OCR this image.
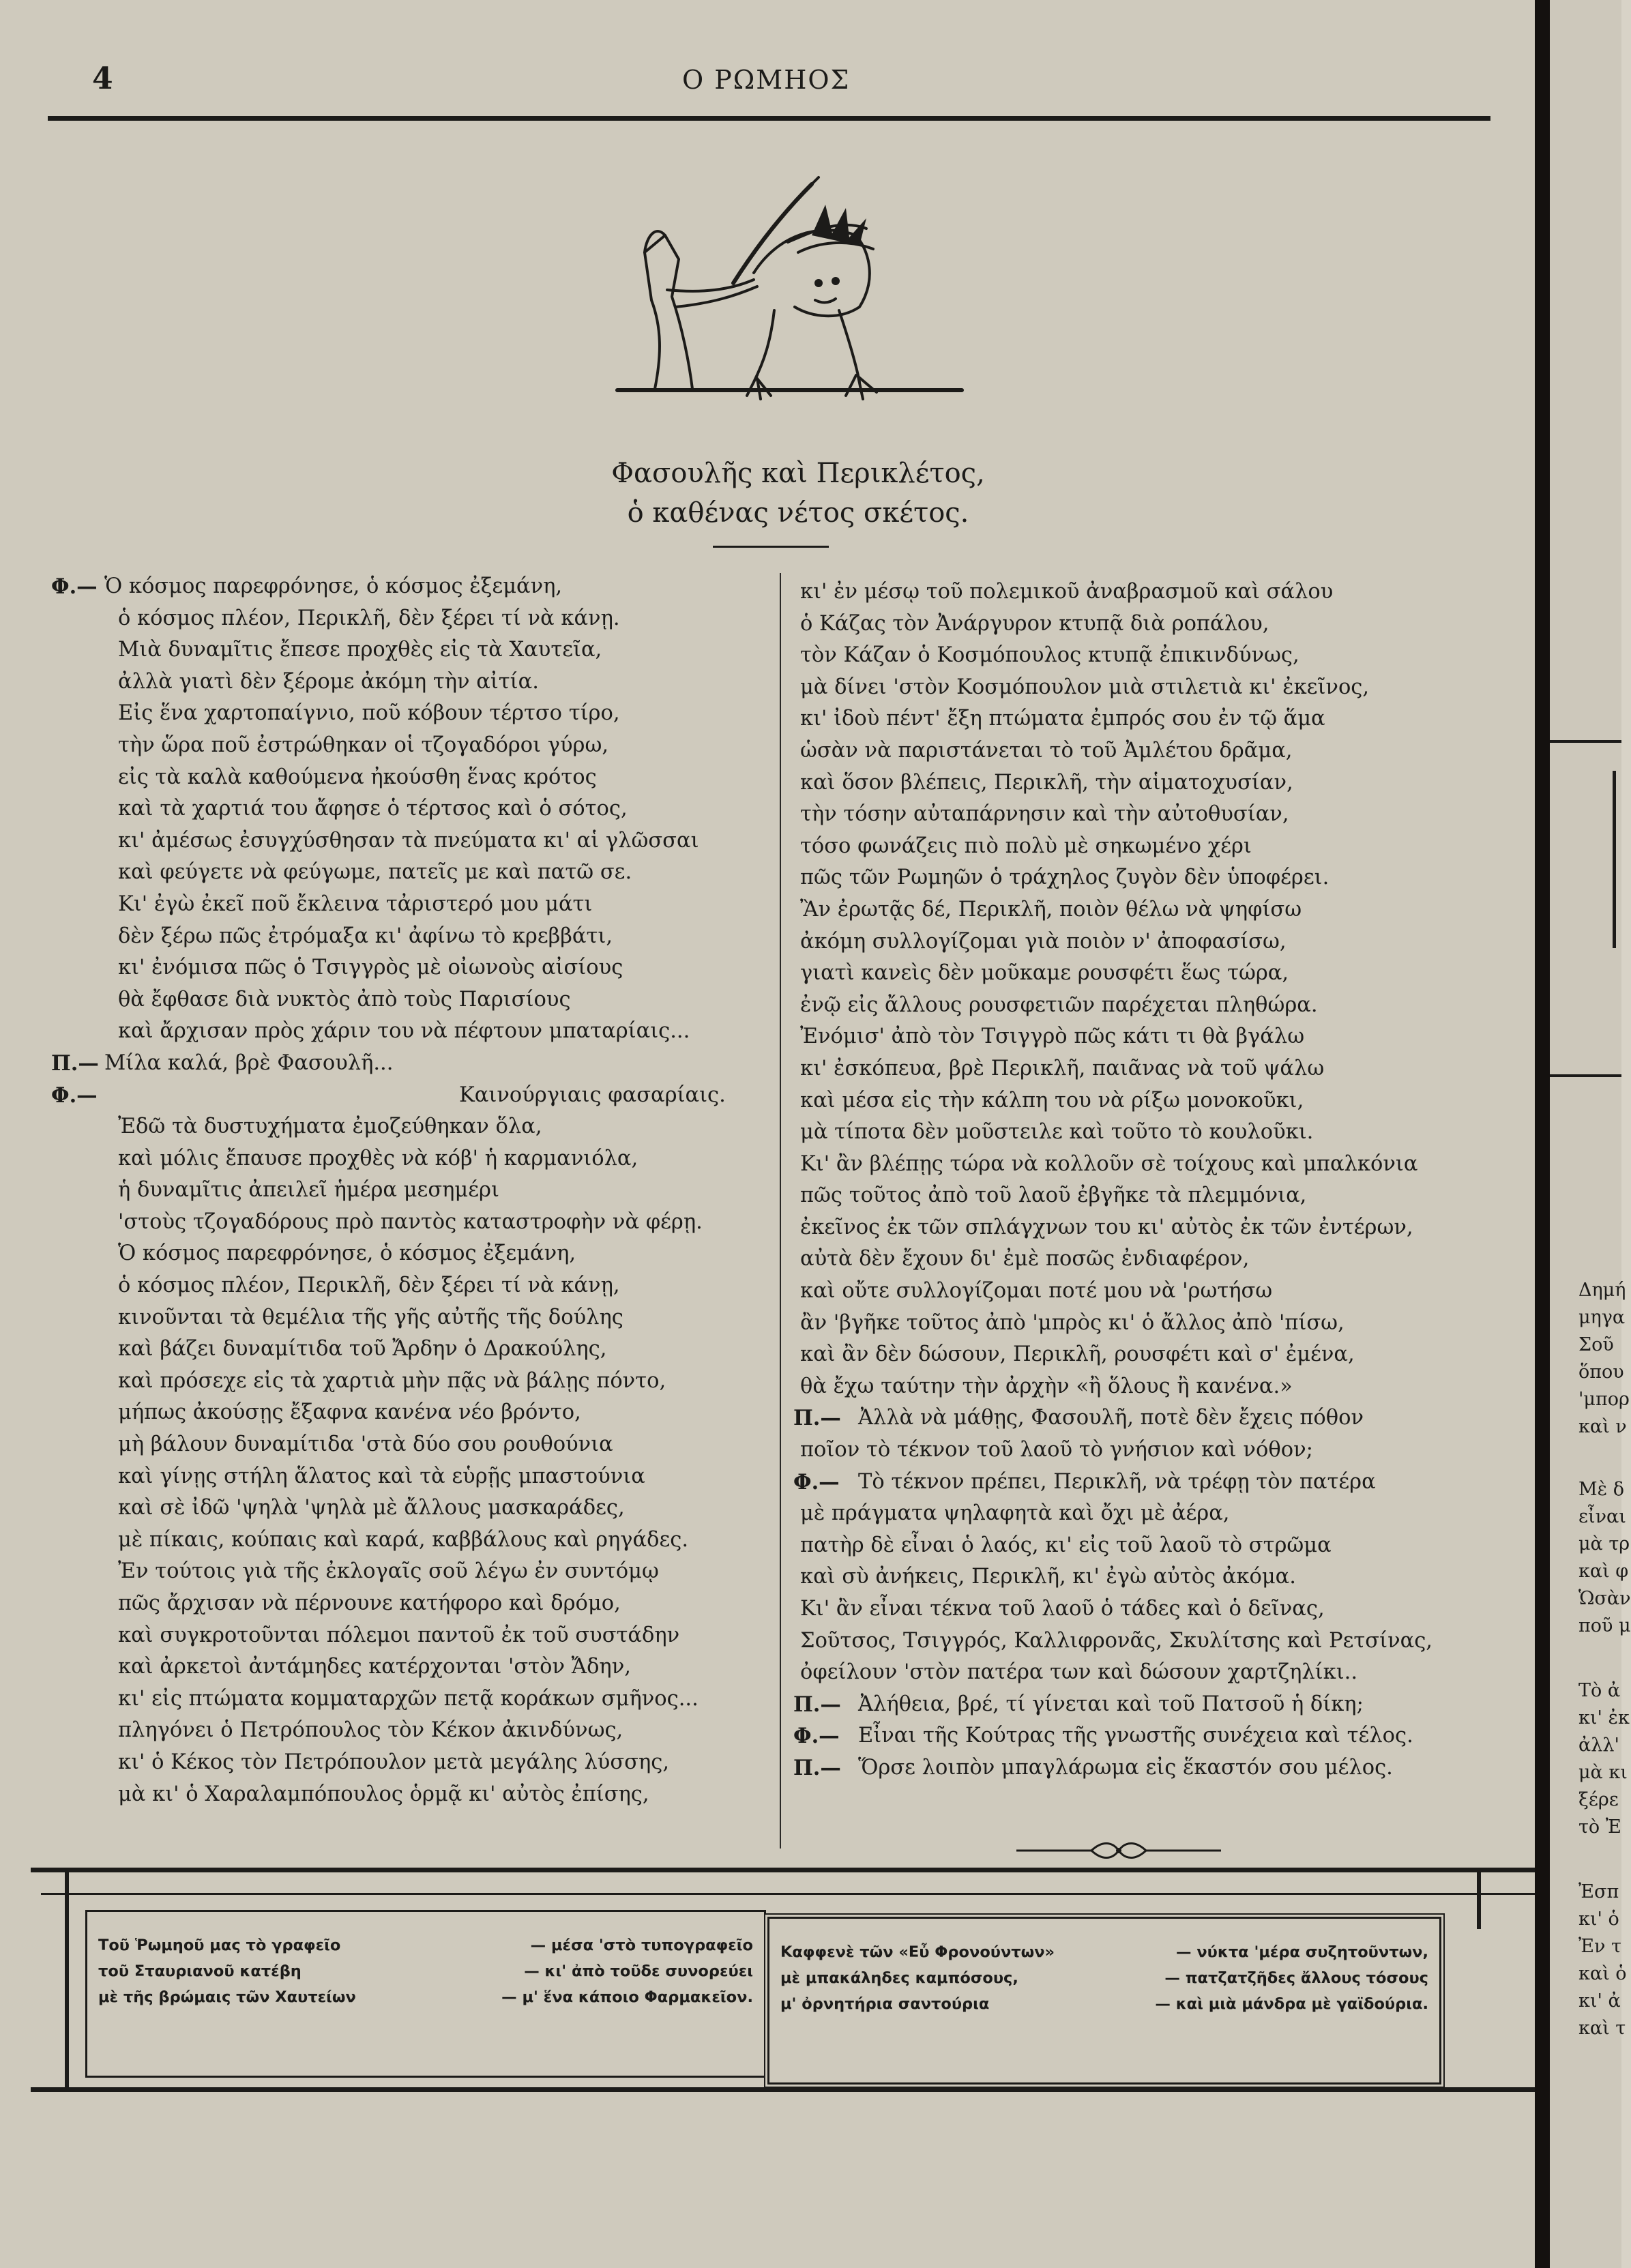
4	Ο ΡΩΜΗΟΣ
Φασουλῆς καὶ Περικλέτος,
ὁ καθένας νέτος σκέτος.
Φ.— Ὁ κόσμος παρεφρόνησε, ὁ κόσμος ἐξεμάνη,
ὁ κόσμος πλέον, Περικλῆ, δὲν ξέρει τί νὰ κάνῃ.
Μιὰ δυναμῖτις ἔπεσε προχθὲς εἰς τὰ Χαυτεῖα,
ἀλλὰ γιατὶ δὲν ξέρομε ἀκόμη τὴν αἰτία.
Εἰς ἕνα χαρτοπαίγνιο, ποῦ κόβουν τέρτσο τίρο,
τὴν ὥρα ποῦ ἐστρώθηκαν οἱ τζογαδόροι γύρω,
εἰς τὰ καλὰ καθούμενα ἠκούσθη ἕνας κρότος
καὶ τὰ χαρτιά του ἄφησε ὁ τέρτσος καὶ ὁ σότος,
κι' ἀμέσως ἐσυγχύσθησαν τὰ πνεύματα κι' αἱ γλῶσσαι
καὶ φεύγετε νὰ φεύγωμε, πατεῖς με καὶ πατῶ σε.
Κι' ἐγὼ ἐκεῖ ποῦ ἔκλεινα τἀριστερό μου μάτι
δὲν ξέρω πῶς ἐτρόμαξα κι' ἀφίνω τὸ κρεββάτι,
κι' ἐνόμισα πῶς ὁ Τσιγγρὸς μὲ οἰωνοὺς αἰσίους
θὰ ἔφθασε διὰ νυκτὸς ἀπὸ τοὺς Παρισίους
καὶ ἄρχισαν πρὸς χάριν του νὰ πέφτουν μπαταρίαις...
Π.— Μίλα καλά, βρὲ Φασουλῆ...
Φ.—	Καινούργιαις φασαρίαις.
Ἐδῶ τὰ δυστυχήματα ἐμοζεύθηκαν ὅλα,
καὶ μόλις ἔπαυσε προχθὲς νὰ κόβ' ἡ καρμανιόλα,
ἡ δυναμῖτις ἀπειλεῖ ἡμέρα μεσημέρι
'στοὺς τζογαδόρους πρὸ παντὸς καταστροφὴν νὰ φέρῃ.
Ὁ κόσμος παρεφρόνησε, ὁ κόσμος ἐξεμάνη,
ὁ κόσμος πλέον, Περικλῆ, δὲν ξέρει τί νὰ κάνῃ,
κινοῦνται τὰ θεμέλια τῆς γῆς αὐτῆς τῆς δούλης
καὶ βάζει δυναμίτιδα τοῦ Ἄρδην ὁ Δρακούλης,
καὶ πρόσεχε εἰς τὰ χαρτιὰ μὴν πᾷς νὰ βάλῃς πόντο,
μήπως ἀκούσῃς ἔξαφνα κανένα νέο βρόντο,
μὴ βάλουν δυναμίτιδα 'στὰ δύο σου ρουθούνια
καὶ γίνῃς στήλη ἅλατος καὶ τὰ εὑρῇς μπαστούνια
καὶ σὲ ἰδῶ 'ψηλὰ 'ψηλὰ μὲ ἄλλους μασκαράδες,
μὲ πίκαις, κούπαις καὶ καρά, καββάλους καὶ ρηγάδες.
Ἐν τούτοις γιὰ τῆς ἐκλογαῖς σοῦ λέγω ἐν συντόμῳ
πῶς ἄρχισαν νὰ πέρνουνε κατήφορο καὶ δρόμο,
καὶ συγκροτοῦνται πόλεμοι παντοῦ ἐκ τοῦ συστάδην
καὶ ἀρκετοὶ ἀντάμηδες κατέρχονται 'στὸν Ἄδην,
κι' εἰς πτώματα κομματαρχῶν πετᾷ κοράκων σμῆνος...
πληγόνει ὁ Πετρόπουλος τὸν Κέκον ἀκινδύνως,
κι' ὁ Κέκος τὸν Πετρόπουλον μετὰ μεγάλης λύσσης,
μὰ κι' ὁ Χαραλαμπόπουλος ὁρμᾷ κι' αὐτὸς ἐπίσης,
κι' ἐν μέσῳ τοῦ πολεμικοῦ ἀναβρασμοῦ καὶ σάλου
ὁ Κάζας τὸν Ἀνάργυρον κτυπᾷ διὰ ροπάλου,
τὸν Κάζαν ὁ Κοσμόπουλος κτυπᾷ ἐπικινδύνως,
μὰ δίνει 'στὸν Κοσμόπουλον μιὰ στιλετιὰ κι' ἐκεῖνος,
κι' ἰδοὺ πέντ' ἔξη πτώματα ἐμπρός σου ἐν τῷ ἅμα
ὡσὰν νὰ παριστάνεται τὸ τοῦ Ἀμλέτου δρᾶμα,
καὶ ὅσον βλέπεις, Περικλῆ, τὴν αἱματοχυσίαν,
τὴν τόσην αὐταπάρνησιν καὶ τὴν αὐτοθυσίαν,
τόσο φωνάζεις πιὸ πολὺ μὲ σηκωμένο χέρι
πῶς τῶν Ρωμηῶν ὁ τράχηλος ζυγὸν δὲν ὑποφέρει.
Ἂν ἐρωτᾷς δέ, Περικλῆ, ποιὸν θέλω νὰ ψηφίσω
ἀκόμη συλλογίζομαι γιὰ ποιὸν ν' ἀποφασίσω,
γιατὶ κανεὶς δὲν μοῦκαμε ρουσφέτι ἕως τώρα,
ἐνῷ εἰς ἄλλους ρουσφετιῶν παρέχεται πληθώρα.
Ἐνόμισ' ἀπὸ τὸν Τσιγγρὸ πῶς κάτι τι θὰ βγάλω
κι' ἐσκόπευα, βρὲ Περικλῆ, παιᾶνας νὰ τοῦ ψάλω
καὶ μέσα εἰς τὴν κάλπη του νὰ ρίξω μονοκοῦκι,
μὰ τίποτα δὲν μοῦστειλε καὶ τοῦτο τὸ κουλοῦκι.
Κι' ἂν βλέπῃς τώρα νὰ κολλοῦν σὲ τοίχους καὶ μπαλκόνια
πῶς τοῦτος ἀπὸ τοῦ λαοῦ ἐβγῆκε τὰ πλεμμόνια,
ἐκεῖνος ἐκ τῶν σπλάγχνων του κι' αὐτὸς ἐκ τῶν ἐντέρων,
αὐτὰ δὲν ἔχουν δι' ἐμὲ ποσῶς ἐνδιαφέρον,
καὶ οὔτε συλλογίζομαι ποτέ μου νὰ 'ρωτήσω
ἂν 'βγῆκε τοῦτος ἀπὸ 'μπρὸς κι' ὁ ἄλλος ἀπὸ 'πίσω,
καὶ ἂν δὲν δώσουν, Περικλῆ, ρουσφέτι καὶ σ' ἐμένα,
θὰ ἔχω ταύτην τὴν ἀρχὴν «ἢ ὅλους ἢ κανένα.»
Π.— Ἀλλὰ νὰ μάθῃς, Φασουλῆ, ποτὲ δὲν ἔχεις πόθον
ποῖον τὸ τέκνον τοῦ λαοῦ τὸ γνήσιον καὶ νόθον;
Φ.— Τὸ τέκνον πρέπει, Περικλῆ, νὰ τρέφῃ τὸν πατέρα
μὲ πράγματα ψηλαφητὰ καὶ ὄχι μὲ ἀέρα,
πατὴρ δὲ εἶναι ὁ λαός, κι' εἰς τοῦ λαοῦ τὸ στρῶμα
καὶ σὺ ἀνήκεις, Περικλῆ, κι' ἐγὼ αὐτὸς ἀκόμα.
Κι' ἂν εἶναι τέκνα τοῦ λαοῦ ὁ τάδες καὶ ὁ δεῖνας,
Σοῦτσος, Τσιγγρός, Καλλιφρονᾶς, Σκυλίτσης καὶ Ρετσίνας,
ὀφείλουν 'στὸν πατέρα των καὶ δώσουν χαρτζηλίκι..
Π.— Ἀλήθεια, βρέ, τί γίνεται καὶ τοῦ Πατσοῦ ἡ δίκη;
Φ.— Εἶναι τῆς Κούτρας τῆς γνωστῆς συνέχεια καὶ τέλος.
Π.— Ὅρσε λοιπὸν μπαγλάρωμα εἰς ἕκαστόν σου μέλος.
Τοῦ Ῥωμηοῦ μας τὸ γραφεῖο	— μέσα 'στὸ τυπογραφεῖο
τοῦ Σταυριανοῦ κατέβη	— κι' ἀπὸ τοῦδε συνορεύει
μὲ τῆς βρώμαις τῶν Χαυτείων	— μ' ἕνα κάποιο Φαρμακεῖον.
Καφφενὲ τῶν «Εὖ Φρονούντων»	— νύκτα 'μέρα συζητοῦντων,
μὲ μπακάληδες καμπόσους,	— πατζατζῆδες ἄλλους τόσους
μ' ὀρνητήρια σαντούρια	— καὶ μιὰ μάνδρα μὲ γαϊδούρια.
Δημή
μηγα
Σοῦ
ὅπου
'μπορ
καὶ ν
Μὲ δ
εἶναι
μὰ τρ
καὶ φ
Ὡσὰν
ποῦ μ
Τὸ ἀ
κι' ἐκ
ἀλλ'
μὰ κι
ξέρε
τὸ Ἐ
Ἐσπ
κι' ὁ
Ἐν τ
καὶ ὁ
κι' ἀ
καὶ τ
